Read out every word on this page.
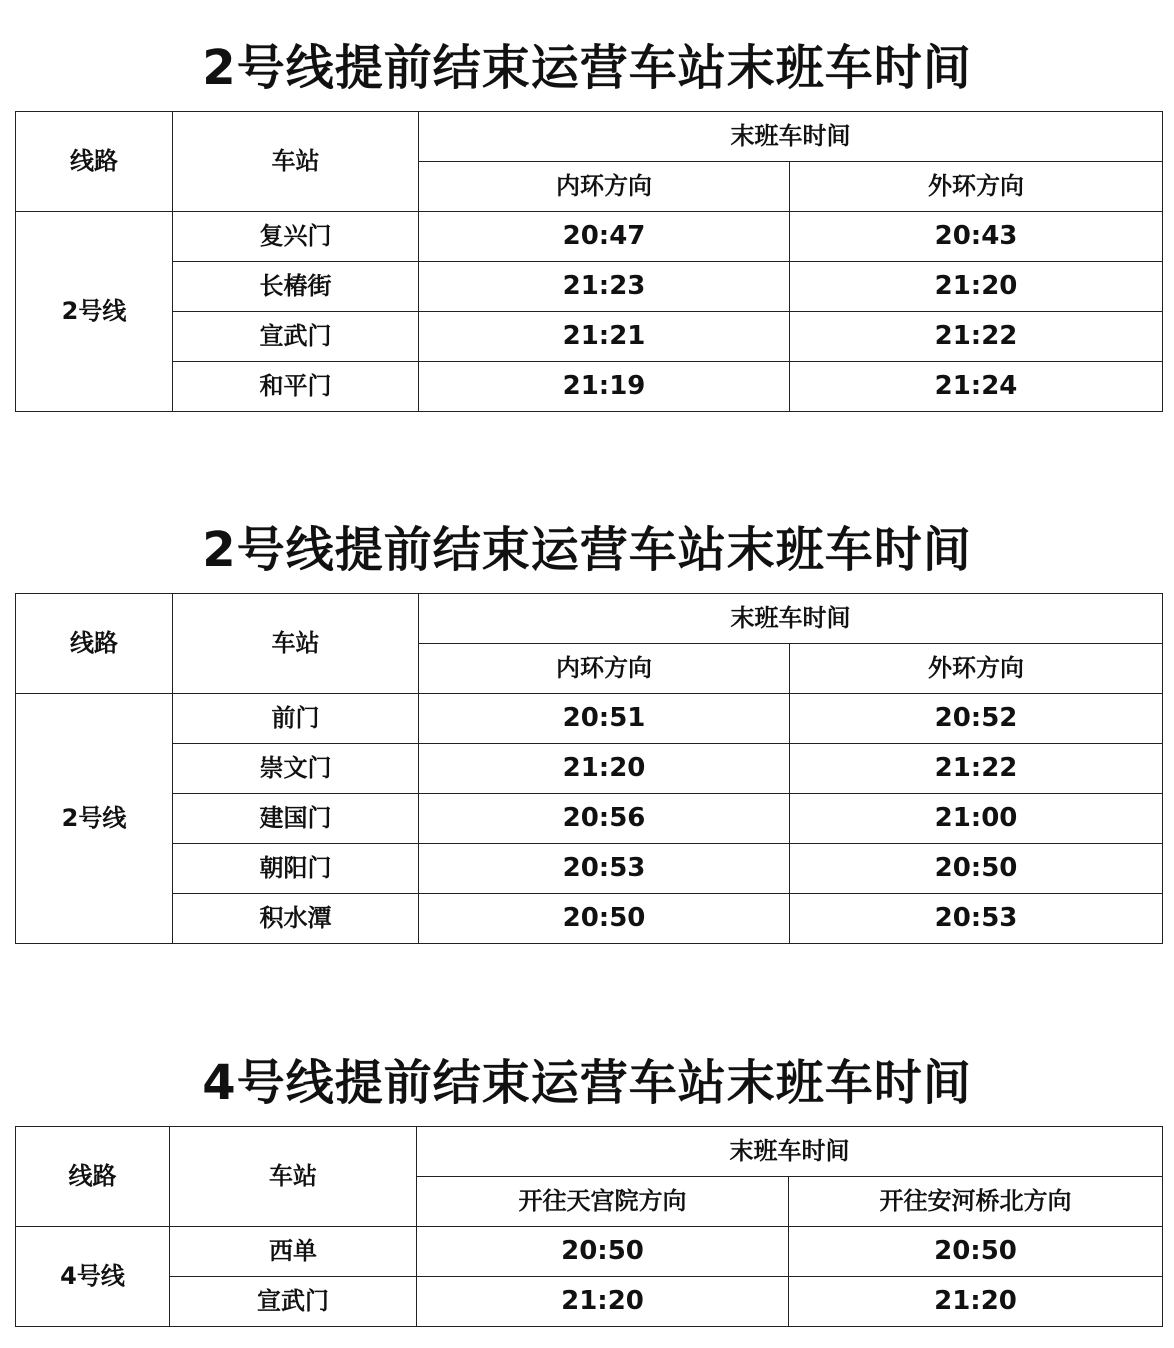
2号线提前结束运营车站末班车时间
线路	车站	末班车时间	
		内环方向	外环方向
2号线	复兴门	20:47	20:43
	长椿街	21:23	21:20
	宣武门	21:21	21:22
	和平门	21:19	21:24
2号线提前结束运营车站末班车时间
线路	车站	末班车时间	
		内环方向	外环方向
2号线	前门	20:51	20:52
	崇文门	21:20	21:22
	建国门	20:56	21:00
	朝阳门	20:53	20:50
	积水潭	20:50	20:53
4号线提前结束运营车站末班车时间
线路	车站	末班车时间	
		开往天宫院方向	开往安河桥北方向
4号线	西单	20:50	20:50
	宣武门	21:20	21:20
